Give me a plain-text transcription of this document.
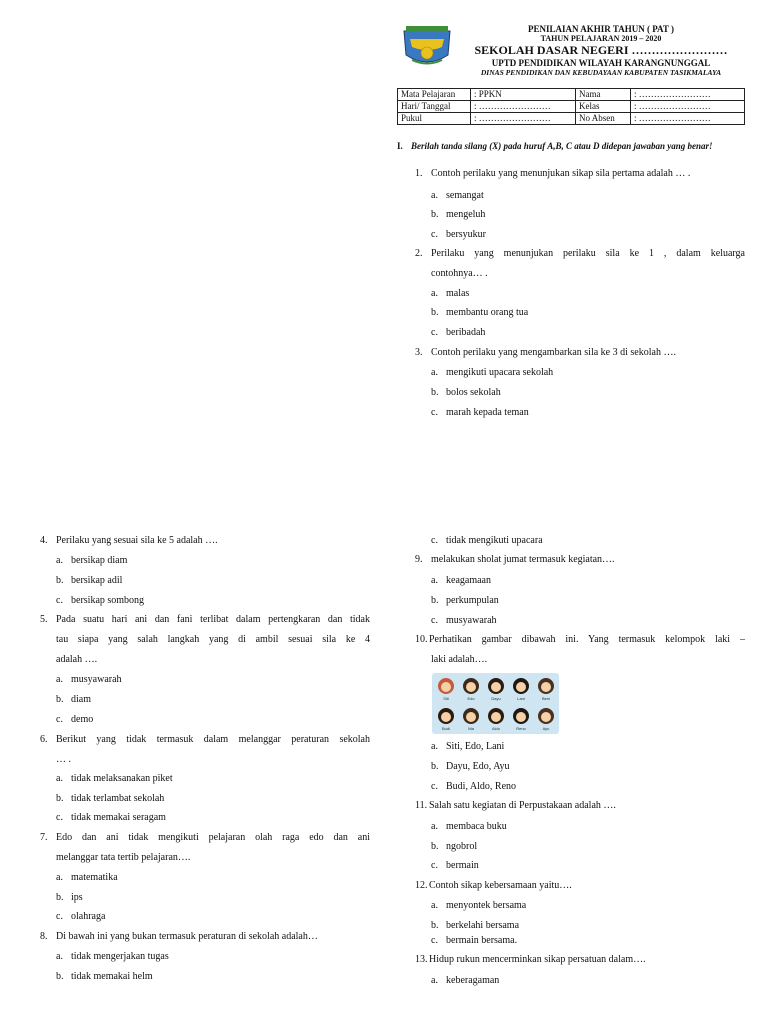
PENILAIAN AKHIR TAHUN ( PAT )
TAHUN PELAJARAN 2019 – 2020
SEKOLAH DASAR NEGERI ……………………
UPTD PENDIDIKAN WILAYAH KARANGNUNGGAL
DINAS PENDIDIKAN DAN KEBUDAYAAN KABUPATEN TASIKMALAYA
Mata Pelajaran	: PPKN	Nama	: ……………………
Hari/ Tanggal	: ……………………	Kelas	: ……………………
Pukul	: ……………………	No Absen	: ……………………
I. Berilah tanda silang (X) pada huruf A,B, C atau D didepan jawaban yang benar!
1. Contoh perilaku yang menunjukan sikap sila pertama adalah … .
a. semangat
b. mengeluh
c. bersyukur
2. Perilaku yang menunjukan perilaku sila ke 1 , dalam keluarga
contohnya… .
a. malas
b. membantu orang tua
c. beribadah
3. Contoh perilaku yang mengambarkan sila ke 3 di sekolah ….
a. mengikuti upacara sekolah
b. bolos sekolah
c. marah kepada teman
4. Perilaku yang sesuai sila ke 5 adalah ….
a. bersikap diam
b. bersikap adil
c. bersikap sombong
5. Pada suatu hari ani dan fani terlibat dalam pertengkaran dan tidak
tau siapa yang salah langkah yang di ambil sesuai sila ke 4
adalah ….
a. musyawarah
b. diam
c. demo
6. Berikut yang tidak termasuk dalam melanggar peraturan sekolah
… .
a. tidak melaksanakan piket
b. tidak terlambat sekolah
c. tidak memakai seragam
7. Edo dan ani tidak mengikuti pelajaran olah raga edo dan ani
melanggar tata tertib pelajaran….
a. matematika
b. ips
c. olahraga
8. Di bawah ini yang bukan termasuk peraturan di sekolah adalah…
a. tidak mengerjakan tugas
b. tidak memakai helm
c. tidak mengikuti upacara
9. melakukan sholat jumat termasuk kegiatan….
a. keagamaan
b. perkumpulan
c. musyawarah
10. Perhatikan gambar dibawah ini. Yang termasuk kelompok laki –
laki adalah….
Siti	Edo	Dayu	Lani	Beni
Budi	Nia	Aldo	Reno	Ayu
a. Siti, Edo, Lani
b. Dayu, Edo, Ayu
c. Budi, Aldo, Reno
11. Salah satu kegiatan di Perpustakaan adalah ….
a. membaca buku
b. ngobrol
c. bermain
12. Contoh sikap kebersamaan yaitu….
a. menyontek bersama
b. berkelahi bersama
c. bermain bersama.
13. Hidup rukun mencerminkan sikap persatuan dalam….
a. keberagaman
